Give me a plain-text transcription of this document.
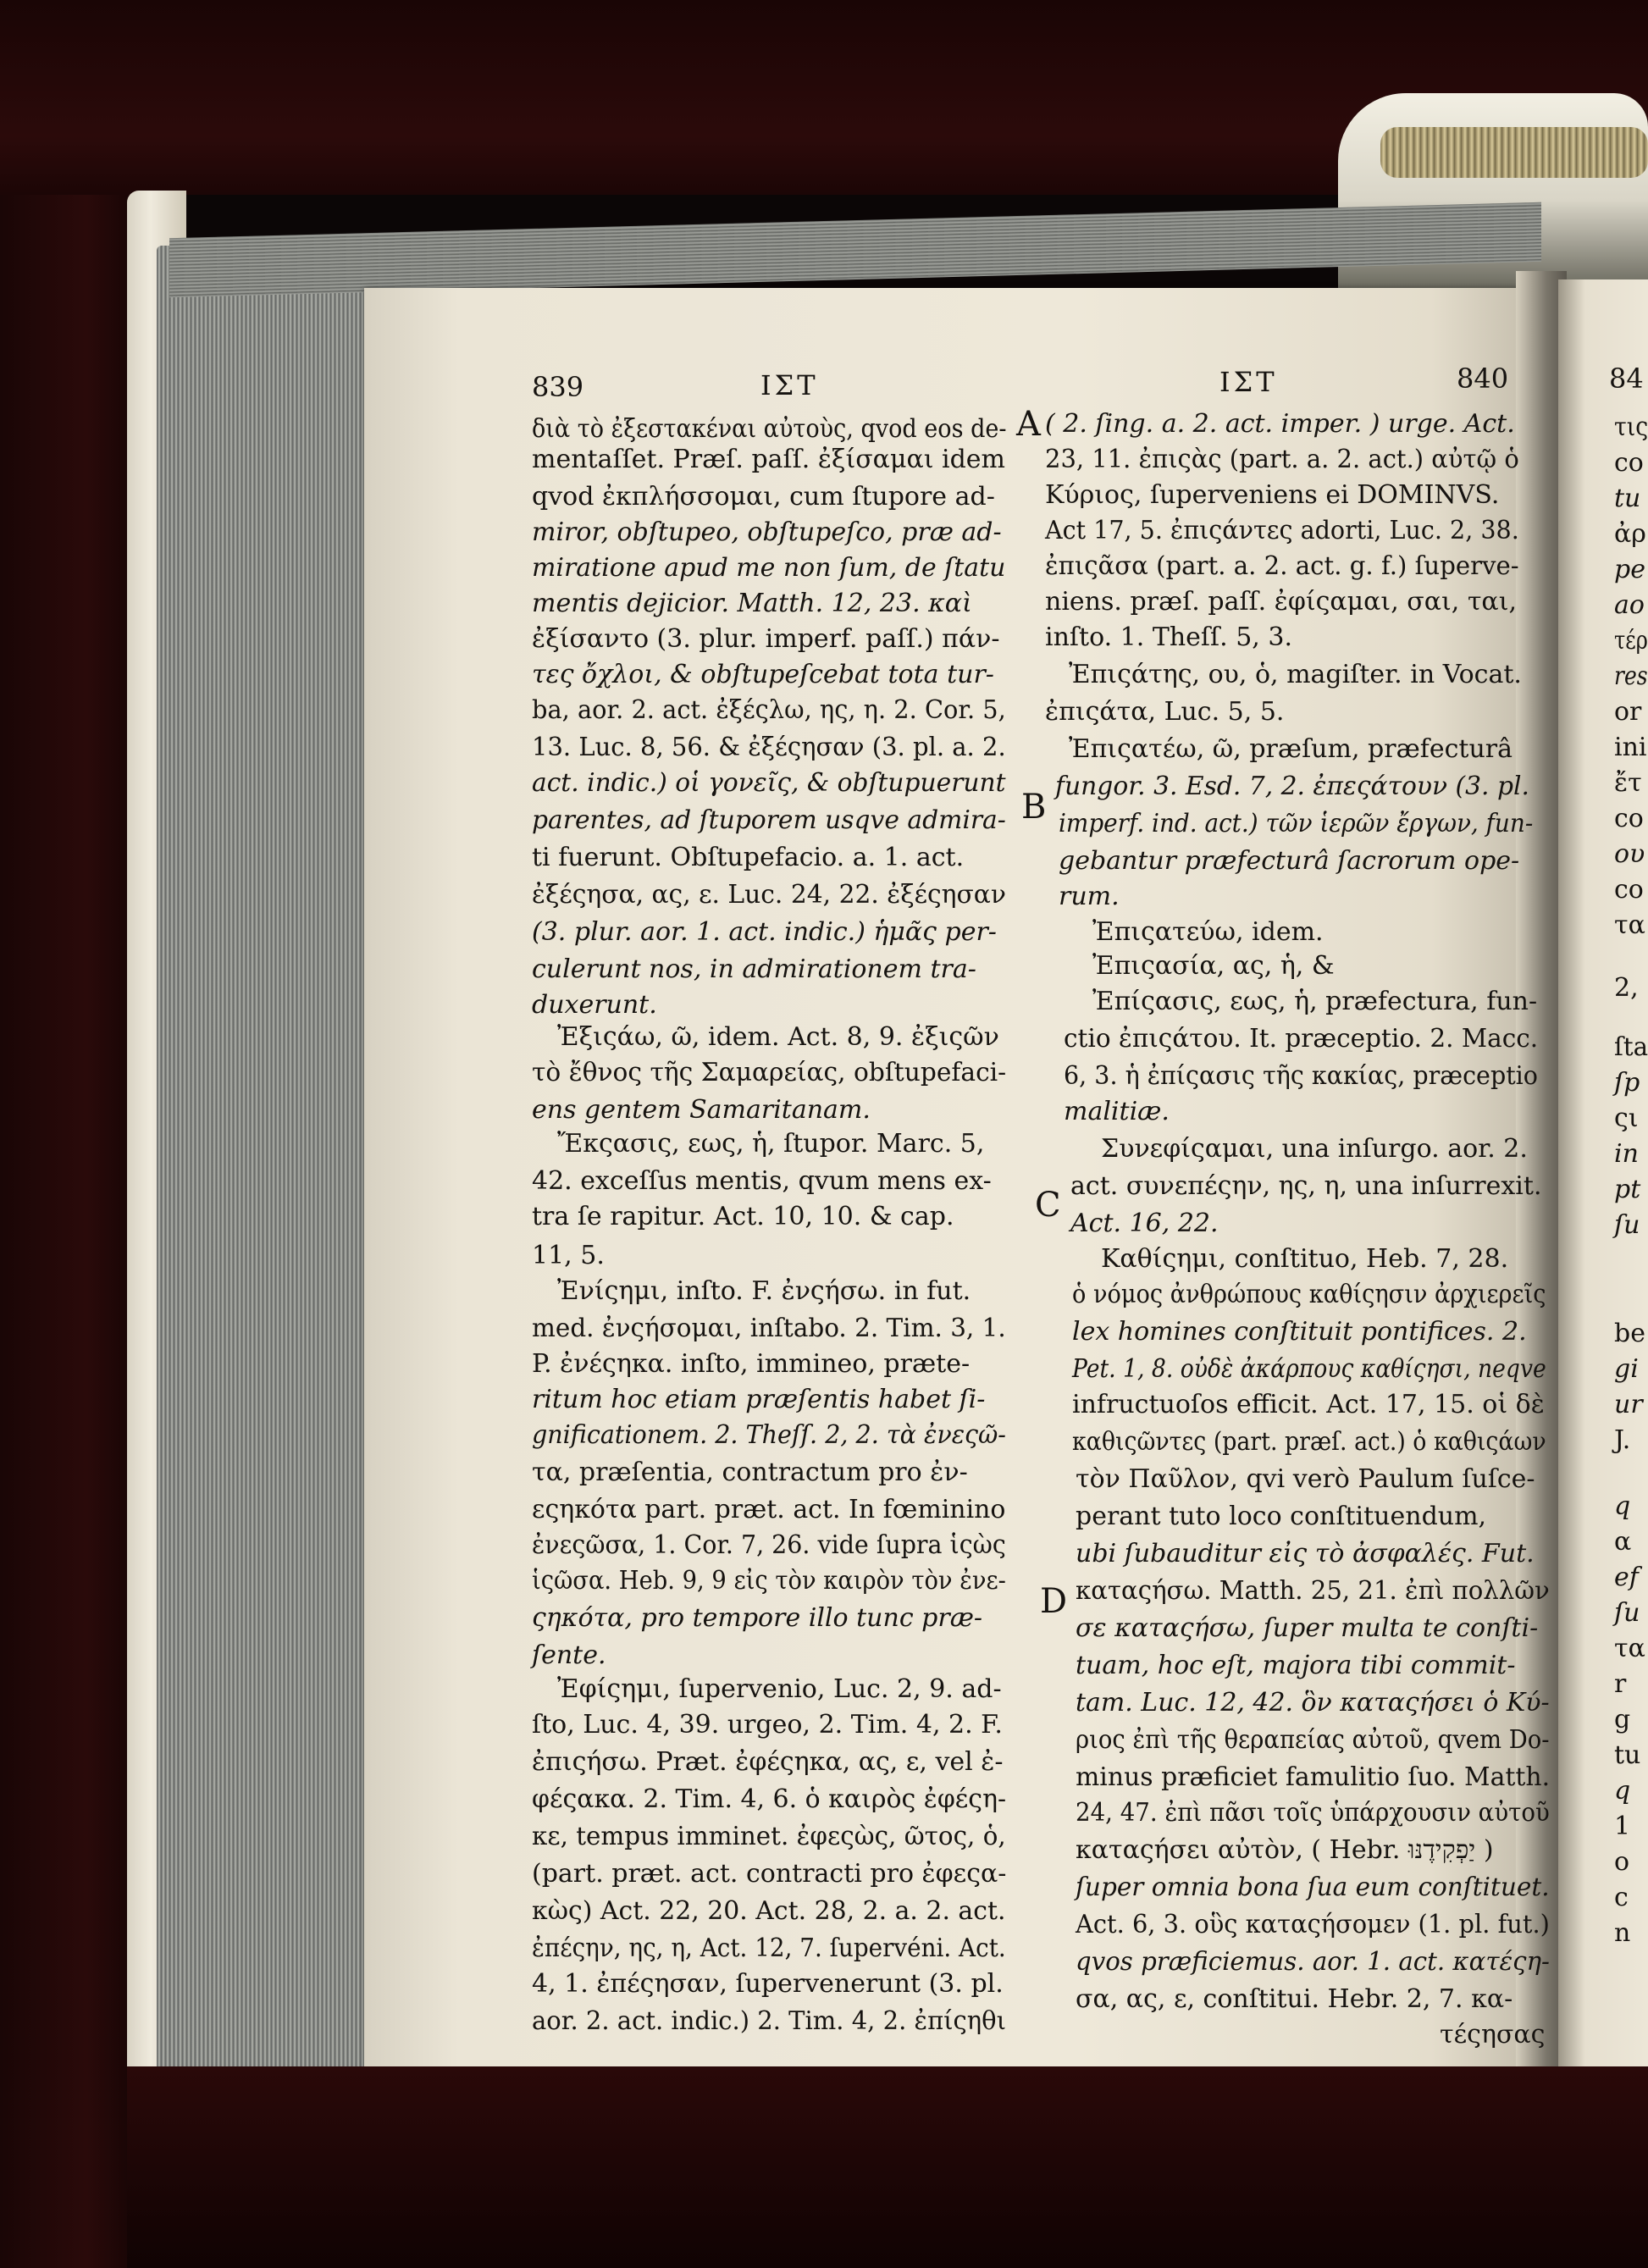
839	ΙΣΤ	ΙΣΤ	840	84
A
B
C
D
διὰ τὸ ἐξεστακέναι αὐτοὺς, qvod eos de-
mentaſſet. Præſ. paſſ. ἐξίσαμαι idem
qvod ἐκπλήσσομαι, cum ſtupore ad-
miror, obſtupeo, obſtupeſco, præ ad-
miratione apud me non ſum, de ſtatu
mentis dejicior. Matth. 12, 23. καὶ
ἐξίσαντο (3. plur. imperf. paſſ.) πάν-
τες ὄχλοι, & obſtupeſcebat tota tur-
ba, aor. 2. act. ἐξέςλω, ης, η. 2. Cor. 5,
13. Luc. 8, 56. & ἐξέςησαν (3. pl. a. 2.
act. indic.) οἱ γονεῖς, & obſtupuerunt
parentes, ad ſtuporem usqve admira-
ti fuerunt. Obſtupefacio. a. 1. act.
ἐξέςησα, ας, ε. Luc. 24, 22. ἐξέςησαν
(3. plur. aor. 1. act. indic.) ἡμᾶς per-
culerunt nos, in admirationem tra-
duxerunt.
Ἐξιςάω, ῶ, idem. Act. 8, 9. ἐξιςῶν
τὸ ἔθνος τῆς Σαμαρείας, obſtupefaci-
ens gentem Samaritanam.
Ἔκςασις, εως, ἡ, ſtupor. Marc. 5,
42. exceſſus mentis, qvum mens ex-
tra ſe rapitur. Act. 10, 10. & cap.
11, 5.
Ἐνίςημι, inſto. F. ἐνςήσω. in fut.
med. ἐνςήσομαι, inſtabo. 2. Tim. 3, 1.
P. ἐνέςηκα. inſto, immineo, præte-
ritum hoc etiam præſentis habet ſi-
gnificationem. 2. Theſſ. 2, 2. τὰ ἐνεςῶ-
τα, præſentia, contractum pro ἐν-
εςηκότα part. præt. act. In fœminino
ἐνεςῶσα, 1. Cor. 7, 26. vide ſupra ἱςὼς
ἱςῶσα. Heb. 9, 9 εἰς τὸν καιρὸν τὸν ἐνε-
ςηκότα, pro tempore illo tunc præ-
ſente.
Ἐφίςημι, ſupervenio, Luc. 2, 9. ad-
ſto, Luc. 4, 39. urgeo, 2. Tim. 4, 2. F.
ἐπιςήσω. Præt. ἐφέςηκα, ας, ε, vel ἐ-
φέςακα. 2. Tim. 4, 6. ὁ καιρὸς ἐφέςη-
κε, tempus imminet. ἐφεςὼς, ῶτος, ὁ,
(part. præt. act. contracti pro ἐφεςα-
κὼς) Act. 22, 20. Act. 28, 2. a. 2. act.
ἐπέςην, ης, η, Act. 12, 7. ſupervéni. Act.
4, 1. ἐπέςησαν, ſupervenerunt (3. pl.
aor. 2. act. indic.) 2. Tim. 4, 2. ἐπίςηθι
( 2. ſing. a. 2. act. imper. ) urge. Act.
23, 11. ἐπιςὰς (part. a. 2. act.) αὐτῷ ὁ
Κύριος, ſuperveniens ei DOMINVS.
Act 17, 5. ἐπιςάντες adorti, Luc. 2, 38.
ἐπιςᾶσα (part. a. 2. act. g. f.) ſuperve-
niens. præſ. paſſ. ἐφίςαμαι, σαι, ται,
inſto. 1. Theſſ. 5, 3.
Ἐπιςάτης, ου, ὁ, magiſter. in Vocat.
ἐπιςάτα, Luc. 5, 5.
Ἐπιςατέω, ῶ, præſum, præfecturâ
fungor. 3. Esd. 7, 2. ἐπεςάτουν (3. pl.
imperf. ind. act.) τῶν ἱερῶν ἔργων, fun-
gebantur præfecturâ ſacrorum ope-
rum.
Ἐπιςατεύω, idem.
Ἐπιςασία, ας, ἡ, &
Ἐπίςασις, εως, ἡ, præfectura, fun-
ctio ἐπιςάτου. It. præceptio. 2. Macc.
6, 3. ἡ ἐπίςασις τῆς κακίας, præceptio
malitiæ.
Συνεφίςαμαι, una inſurgo. aor. 2.
act. συνεπέςην, ης, η, una inſurrexit.
Act. 16, 22.
Καθίςημι, conſtituo, Heb. 7, 28.
ὁ νόμος ἀνθρώπους καθίςησιν ἀρχιερεῖς
lex homines conſtituit pontifices. 2.
Pet. 1, 8. οὐδὲ ἀκάρπους καθίςησι, neqve
infructuoſos efficit. Act. 17, 15. οἱ δὲ
καθιςῶντες (part. præſ. act.) ὁ καθιςάων
τὸν Παῦλον, qvi verò Paulum ſuſce-
perant tuto loco conſtituendum,
ubi ſubauditur εἰς τὸ ἀσφαλές. Fut.
καταςήσω. Matth. 25, 21. ἐπὶ πολλῶν
σε καταςήσω, ſuper multa te conſti-
tuam, hoc eſt, majora tibi commit-
tam. Luc. 12, 42. ὃν καταςήσει ὁ Κύ-
ριος ἐπὶ τῆς θεραπείας αὐτοῦ, qvem Do-
minus præficiet famulitio ſuo. Matth.
24, 47. ἐπὶ πᾶσι τοῖς ὑπάρχουσιν αὐτοῦ
καταςήσει αὐτὸν, ( Hebr. יַפְקִידֶנּוּ )
ſuper omnia bona ſua eum conſtituet.
Act. 6, 3. οὓς καταςήσομεν (1. pl. fut.)
qvos præficiemus. aor. 1. act. κατέςη-
σα, ας, ε, conſtitui. Hebr. 2, 7. κα-
τέςησας
τις
co
tu
ἀρ
pe
ao
τέρ
res
or
ini
ἔτ
co
ου
co
τα
2,
ſta
ſp
ςι
in
pt
ſu
be
gi
ur
J.
q
α
ef
ſu
τα
r
g
tu
q
1
ο
c
n
